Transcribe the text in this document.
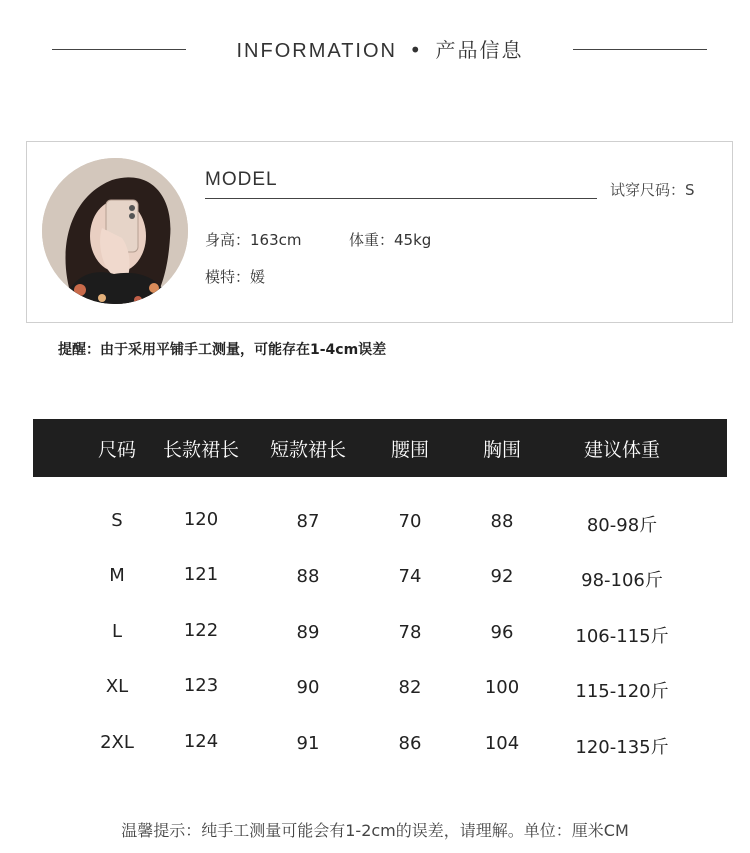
INFORMATION • 产品信息
MODEL	试穿尺码：S
身高：163cm	体重：45kg
模特：媛
提醒：由于采用平铺手工测量，可能存在1-4cm误差
尺码 长款裙长 短款裙长 腰围	胸围	建议体重
S	120	87	70	88	80-98斤
M	121	88	74	92	98-106斤
L	122	89	78	96	106-115斤
XL	123	90	82	100	115-120斤
2XL	124	91	86	104	120-135斤
温馨提示：纯手工测量可能会有1-2cm的误差，请理解。单位：厘米CM
